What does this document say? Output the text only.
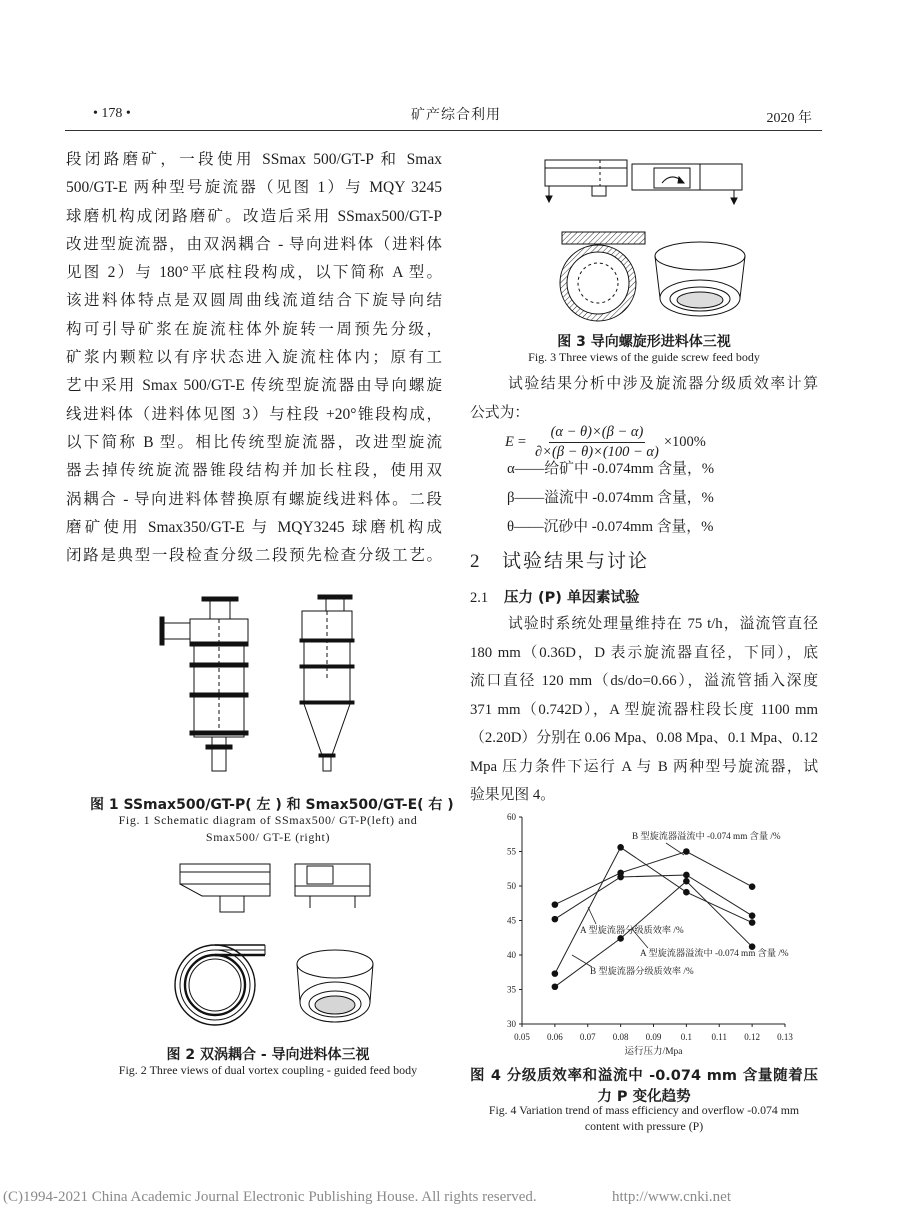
• 178 •	矿产综合利用	2020 年
段闭路磨矿，一段使用 SSmax 500/GT-P 和 Smax
500/GT-E 两种型号旋流器（见图 1）与 MQY 3245
球磨机构成闭路磨矿。改造后采用 SSmax500/GT-P
改进型旋流器，由双涡耦合 - 导向进料体（进料体
见图 2）与 180°平底柱段构成，以下简称 A 型。
该进料体特点是双圆周曲线流道结合下旋导向结
构可引导矿浆在旋流柱体外旋转一周预先分级，
矿浆内颗粒以有序状态进入旋流柱体内；原有工
艺中采用 Smax 500/GT-E 传统型旋流器由导向螺旋
线进料体（进料体见图 3）与柱段 +20°锥段构成，
以下简称 B 型。相比传统型旋流器，改进型旋流
器去掉传统旋流器锥段结构并加长柱段，使用双
涡耦合 - 导向进料体替换原有螺旋线进料体。二段
磨矿使用 Smax350/GT-E 与 MQY3245 球磨机构成
闭路是典型一段检查分级二段预先检查分级工艺。
图 1 SSmax500/GT-P( 左 ) 和 Smax500/GT-E( 右 )
Fig. 1 Schematic diagram of SSmax500/ GT-P(left) and
Smax500/ GT-E (right)
图 2 双涡耦合 - 导向进料体三视
Fig. 2 Three views of dual vortex coupling - guided feed body
图 3 导向螺旋形进料体三视
Fig. 3 Three views of the guide screw feed body
试验结果分析中涉及旋流器分级质效率计算
公式为：
$E = \frac{(\alpha - \theta)\times(\beta - \alpha)}{\partial\times(\beta - \theta)\times(100 - \alpha)} \times 100\%$
α——给矿中 -0.074mm 含量，%
β——溢流中 -0.074mm 含量，%
θ——沉砂中 -0.074mm 含量，%
2 试验结果与讨论
2.1 压力 (P) 单因素试验
试验时系统处理量维持在 75 t/h，溢流管直径
180 mm（0.36D，D 表示旋流器直径，下同），底
流口直径 120 mm（ds/do=0.66），溢流管插入深度
371 mm（0.742D），A 型旋流器柱段长度 1100 mm
（2.20D）分别在 0.06 Mpa、0.08 Mpa、0.1 Mpa、0.12
Mpa 压力条件下运行 A 与 B 两种型号旋流器，试
验果见图 4。
0.05 0.06 0.07 0.08 0.09 0.1 0.11 0.12 0.13
30
35
40
45
50
55
60
B 型旋流器溢流中 -0.074 mm 含量 /%
A 型旋流器分级质效率 /%
A 型旋流器溢流中 -0.074 mm 含量 /%
B 型旋流器分级质效率 /%
运行压力/Mpa
图 4 分级质效率和溢流中 -0.074 mm 含量随着压
力 P 变化趋势
Fig. 4 Variation trend of mass efficiency and overflow -0.074 mm
content with pressure (P)
(C)1994-2021 China Academic Journal Electronic Publishing House. All rights reserved.	http://www.cnki.net
